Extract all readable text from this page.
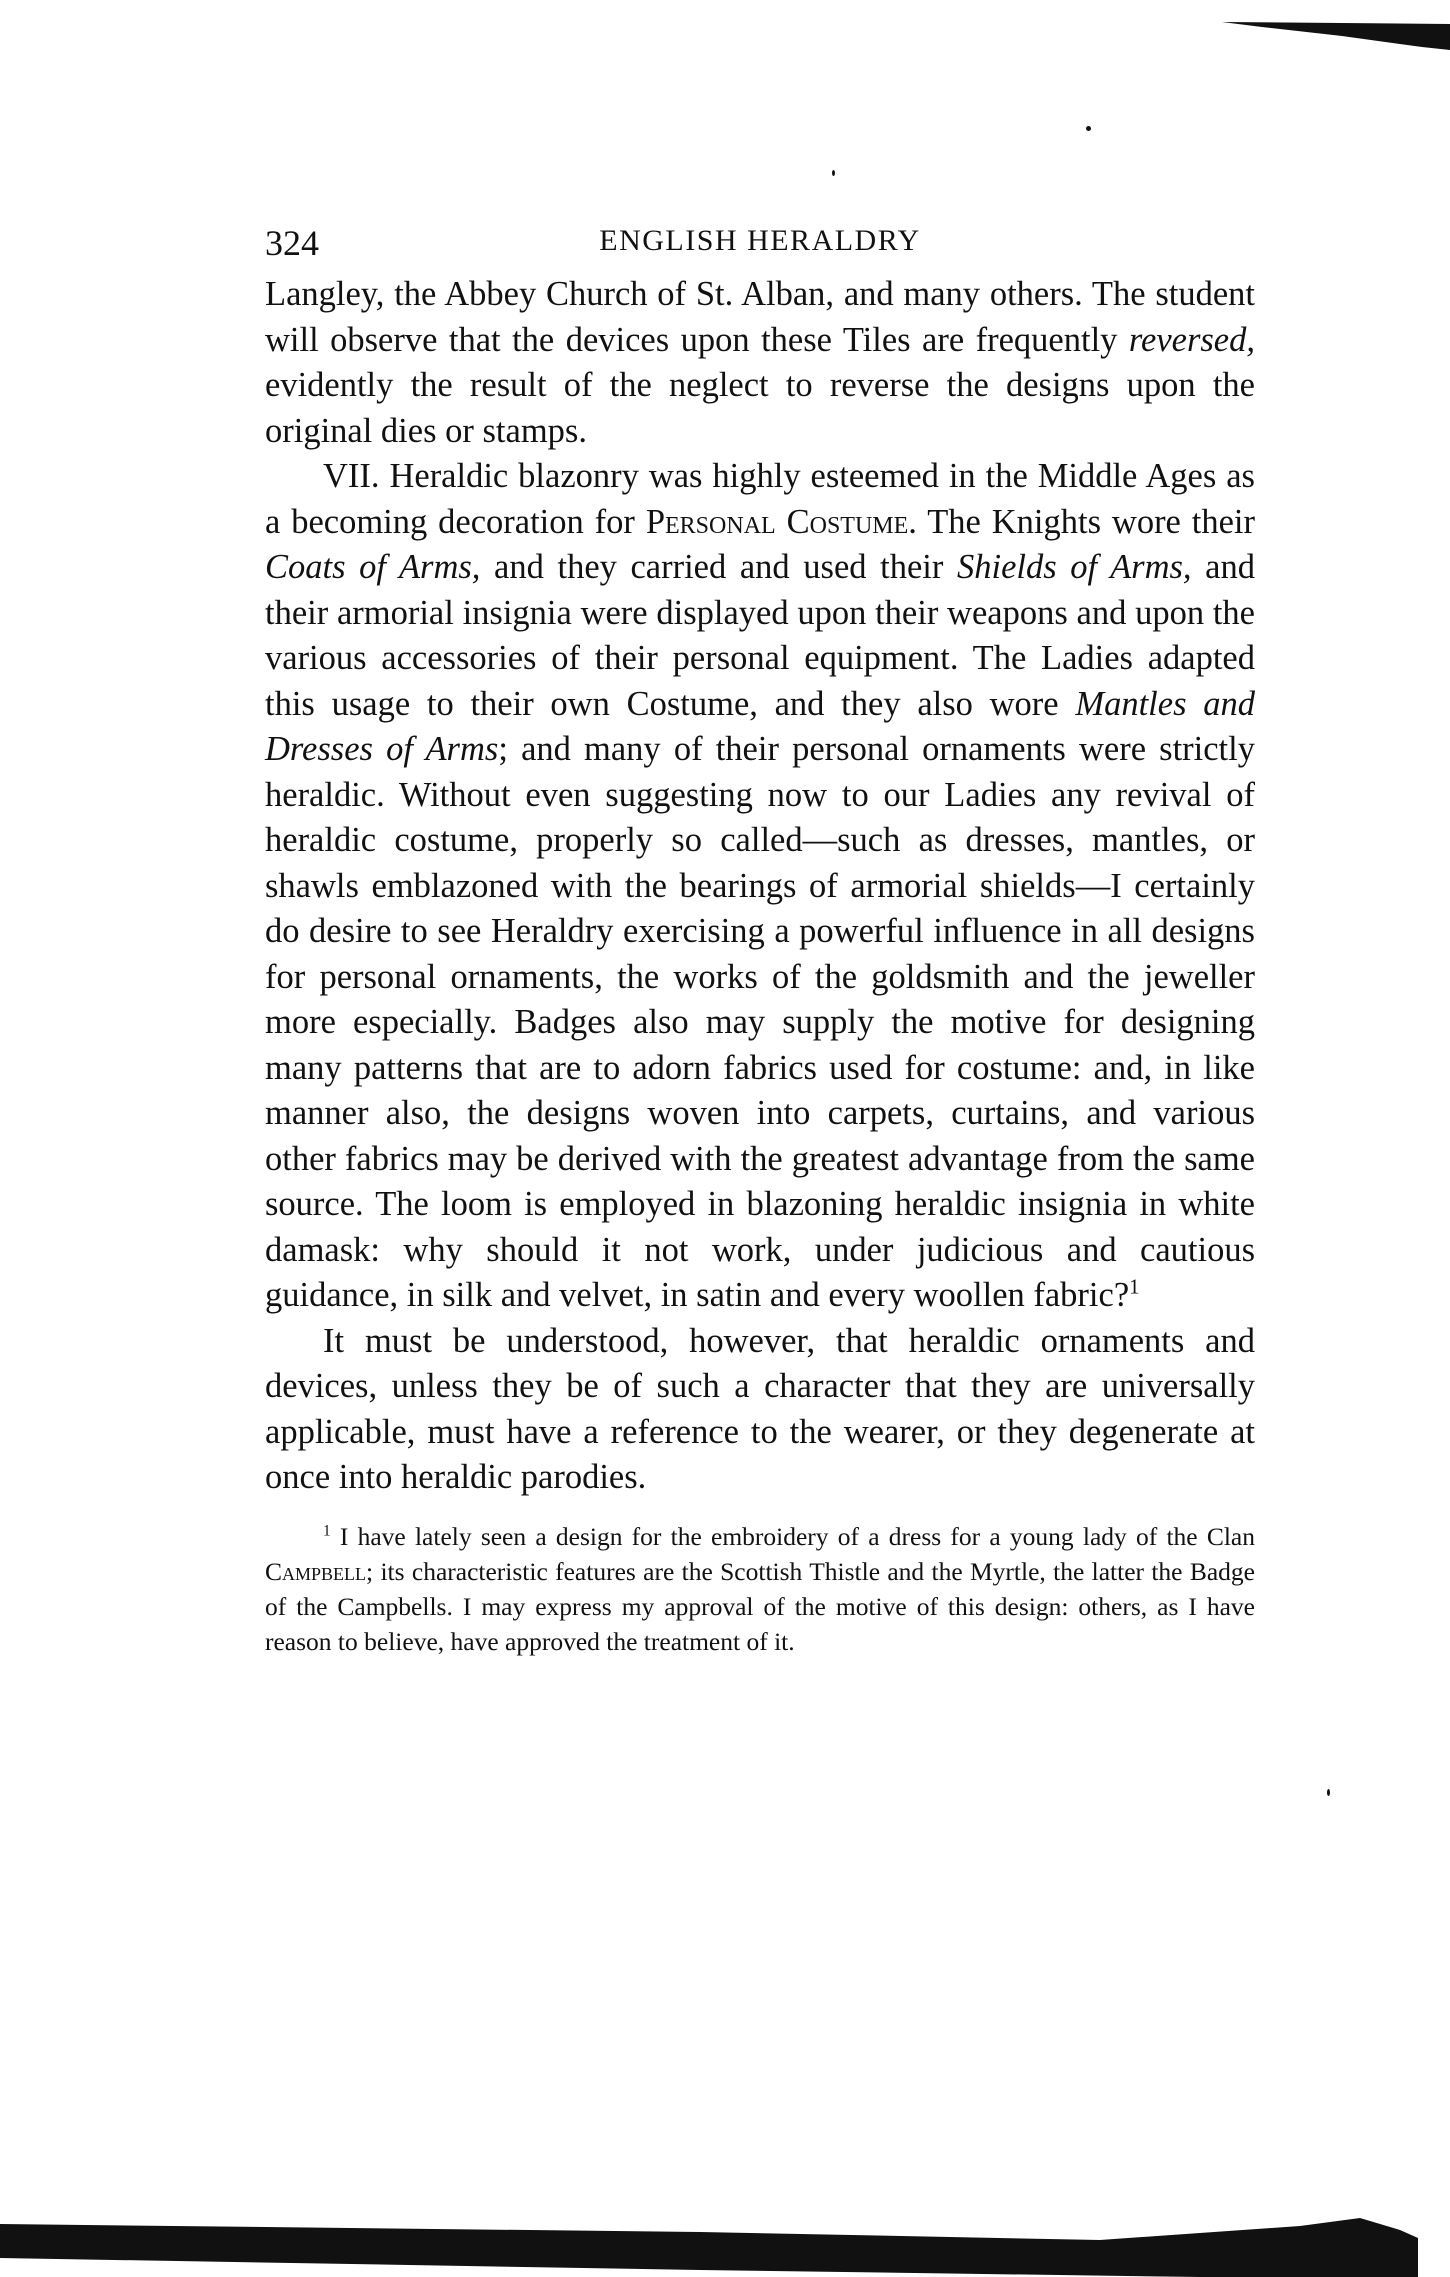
324	ENGLISH HERALDRY

Langley, the Abbey Church of St. Alban, and many others. The student will observe that the devices upon these Tiles are frequently reversed, evidently the result of the neglect to reverse the designs upon the original dies or stamps.

VII. Heraldic blazonry was highly esteemed in the Middle Ages as a becoming decoration for Personal Costume. The Knights wore their Coats of Arms, and they carried and used their Shields of Arms, and their armorial insignia were displayed upon their weapons and upon the various accessories of their personal equipment. The Ladies adapted this usage to their own Costume, and they also wore Mantles and Dresses of Arms; and many of their personal ornaments were strictly heraldic. Without even suggesting now to our Ladies any revival of heraldic costume, properly so called—such as dresses, mantles, or shawls emblazoned with the bearings of armorial shields—I certainly do desire to see Heraldry exercising a powerful influence in all designs for personal ornaments, the works of the goldsmith and the jeweller more especially. Badges also may supply the motive for designing many patterns that are to adorn fabrics used for costume: and, in like manner also, the designs woven into carpets, curtains, and various other fabrics may be derived with the greatest advantage from the same source. The loom is employed in blazoning heraldic insignia in white damask: why should it not work, under judicious and cautious guidance, in silk and velvet, in satin and every woollen fabric?$^1$

It must be understood, however, that heraldic ornaments and devices, unless they be of such a character that they are universally applicable, must have a reference to the wearer, or they degenerate at once into heraldic parodies.

$^1$ I have lately seen a design for the embroidery of a dress for a young lady of the Clan Campbell; its characteristic features are the Scottish Thistle and the Myrtle, the latter the Badge of the Campbells. I may express my approval of the motive of this design: others, as I have reason to believe, have approved the treatment of it.
